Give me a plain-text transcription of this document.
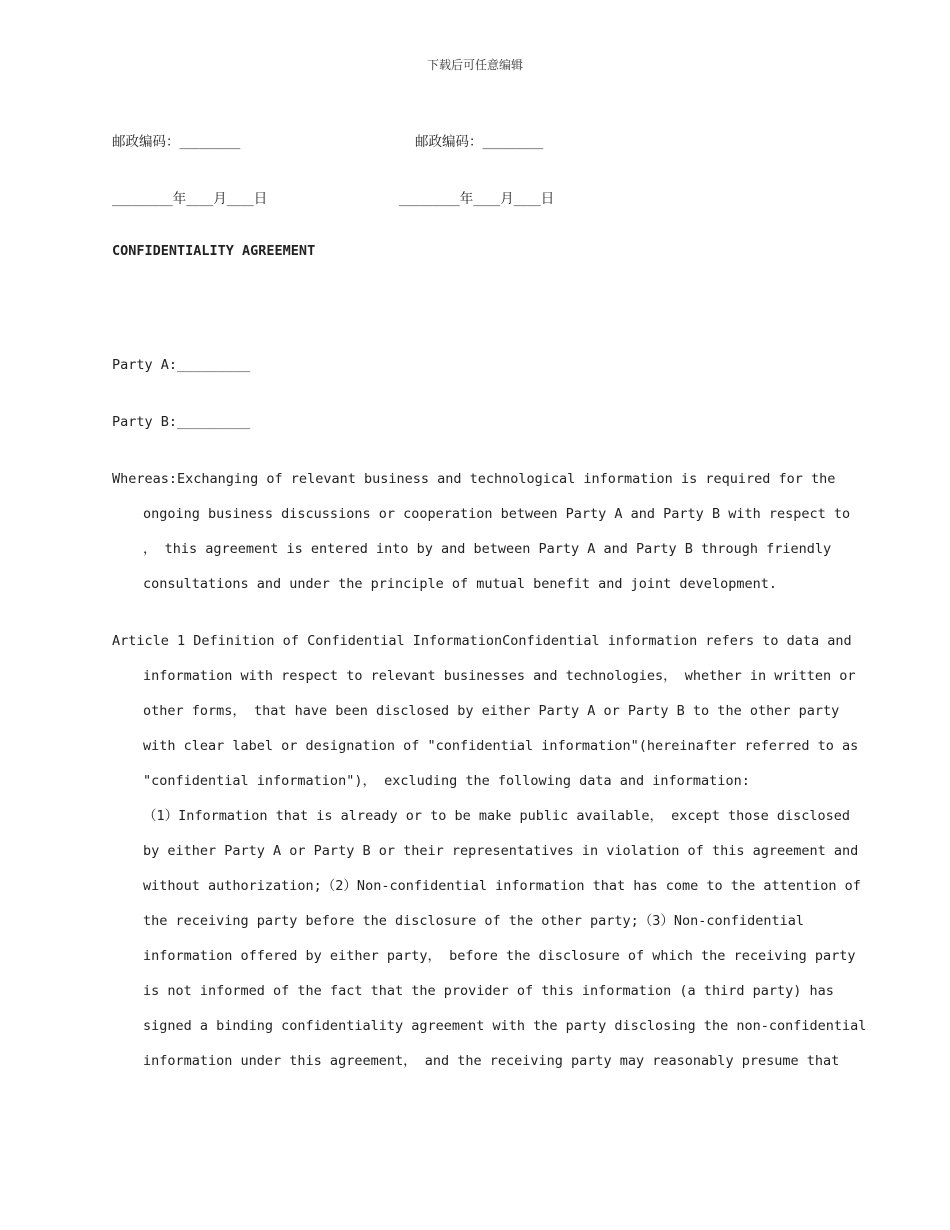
下载后可任意编辑
邮政编码：_________	邮政编码：_________
_________年____月____日	_________年____月____日
CONFIDENTIALITY AGREEMENT
Party A:_________
Party B:_________
Whereas:Exchanging of relevant business and technological information is required for the
ongoing business discussions or cooperation between Party A and Party B with respect to
， this agreement is entered into by and between Party A and Party B through friendly
consultations and under the principle of mutual benefit and joint development.
Article 1 Definition of Confidential InformationConfidential information refers to data and
information with respect to relevant businesses and technologies， whether in written or
other forms， that have been disclosed by either Party A or Party B to the other party
with clear label or designation of "confidential information"(hereinafter referred to as
"confidential information")， excluding the following data and information:
（1）Information that is already or to be make public available， except those disclosed
by either Party A or Party B or their representatives in violation of this agreement and
without authorization;（2）Non-confidential information that has come to the attention of
the receiving party before the disclosure of the other party;（3）Non-confidential
information offered by either party， before the disclosure of which the receiving party
is not informed of the fact that the provider of this information (a third party) has
signed a binding confidentiality agreement with the party disclosing the non-confidential
information under this agreement， and the receiving party may reasonably presume that
